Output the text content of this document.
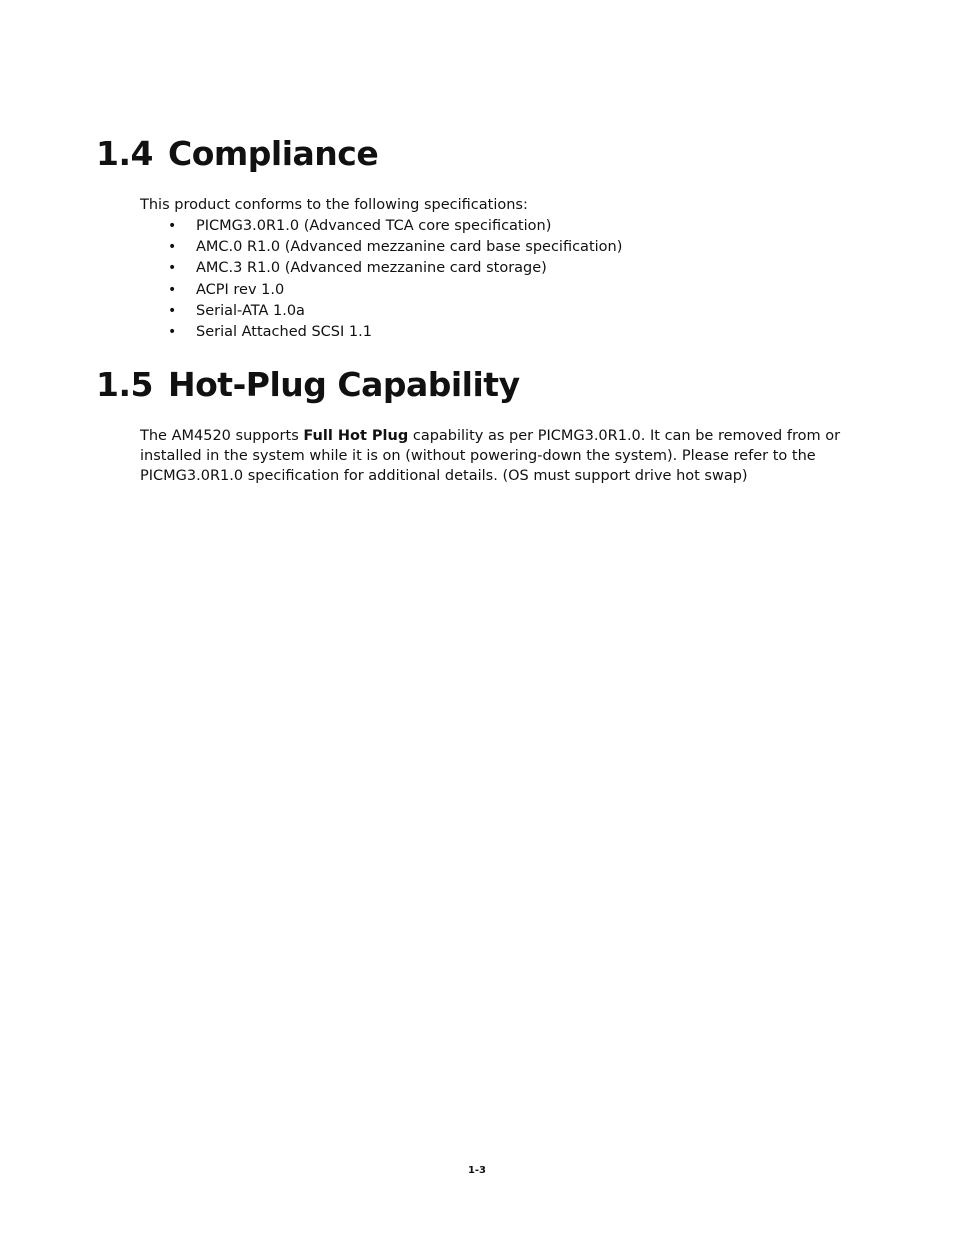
1.4 Compliance

This product conforms to the following specifications:

• PICMG3.0R1.0 (Advanced TCA core specification)
• AMC.0 R1.0 (Advanced mezzanine card base specification)
• AMC.3 R1.0 (Advanced mezzanine card storage)
• ACPI rev 1.0
• Serial-ATA 1.0a
• Serial Attached SCSI 1.1
1.5 Hot-Plug Capability

The AM4520 supports Full Hot Plug capability as per PICMG3.0R1.0. It can be removed from or
installed in the system while it is on (without powering-down the system). Please refer to the
PICMG3.0R1.0 specification for additional details. (OS must support drive hot swap)

1-3
